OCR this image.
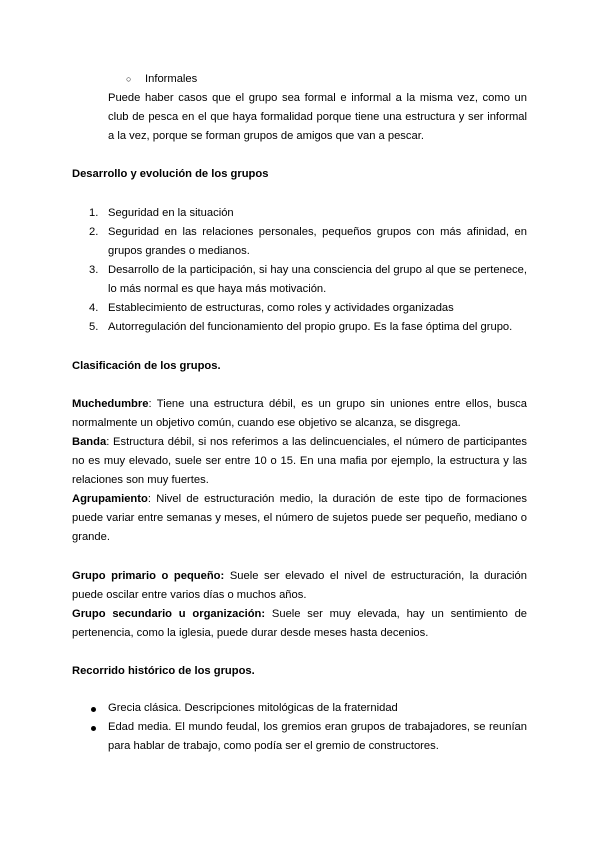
○ Informales
Puede haber casos que el grupo sea formal e informal a la misma vez, como un club de pesca en el que haya formalidad porque tiene una estructura y ser informal a la vez, porque se forman grupos de amigos que van a pescar.
Desarrollo y evolución de los grupos
1. Seguridad en la situación
2. Seguridad en las relaciones personales, pequeños grupos con más afinidad, en grupos grandes o medianos.
3. Desarrollo de la participación, si hay una consciencia del grupo al que se pertenece, lo más normal es que haya más motivación.
4. Establecimiento de estructuras, como roles y actividades organizadas
5. Autorregulación del funcionamiento del propio grupo. Es la fase óptima del grupo.
Clasificación de los grupos.
Muchedumbre: Tiene una estructura débil, es un grupo sin uniones entre ellos, busca normalmente un objetivo común, cuando ese objetivo se alcanza, se disgrega.
Banda: Estructura débil, si nos referimos a las delincuenciales, el número de participantes no es muy elevado, suele ser entre 10 o 15. En una mafia por ejemplo, la estructura y las relaciones son muy fuertes.
Agrupamiento: Nivel de estructuración medio, la duración de este tipo de formaciones puede variar entre semanas y meses, el número de sujetos puede ser pequeño, mediano o grande.
Grupo primario o pequeño: Suele ser elevado el nivel de estructuración, la duración puede oscilar entre varios días o muchos años.
Grupo secundario u organización: Suele ser muy elevada, hay un sentimiento de pertenencia, como la iglesia, puede durar desde meses hasta decenios.
Recorrido histórico de los grupos.
Grecia clásica. Descripciones mitológicas de la fraternidad
Edad media. El mundo feudal, los gremios eran grupos de trabajadores, se reunían para hablar de trabajo, como podía ser el gremio de constructores.
